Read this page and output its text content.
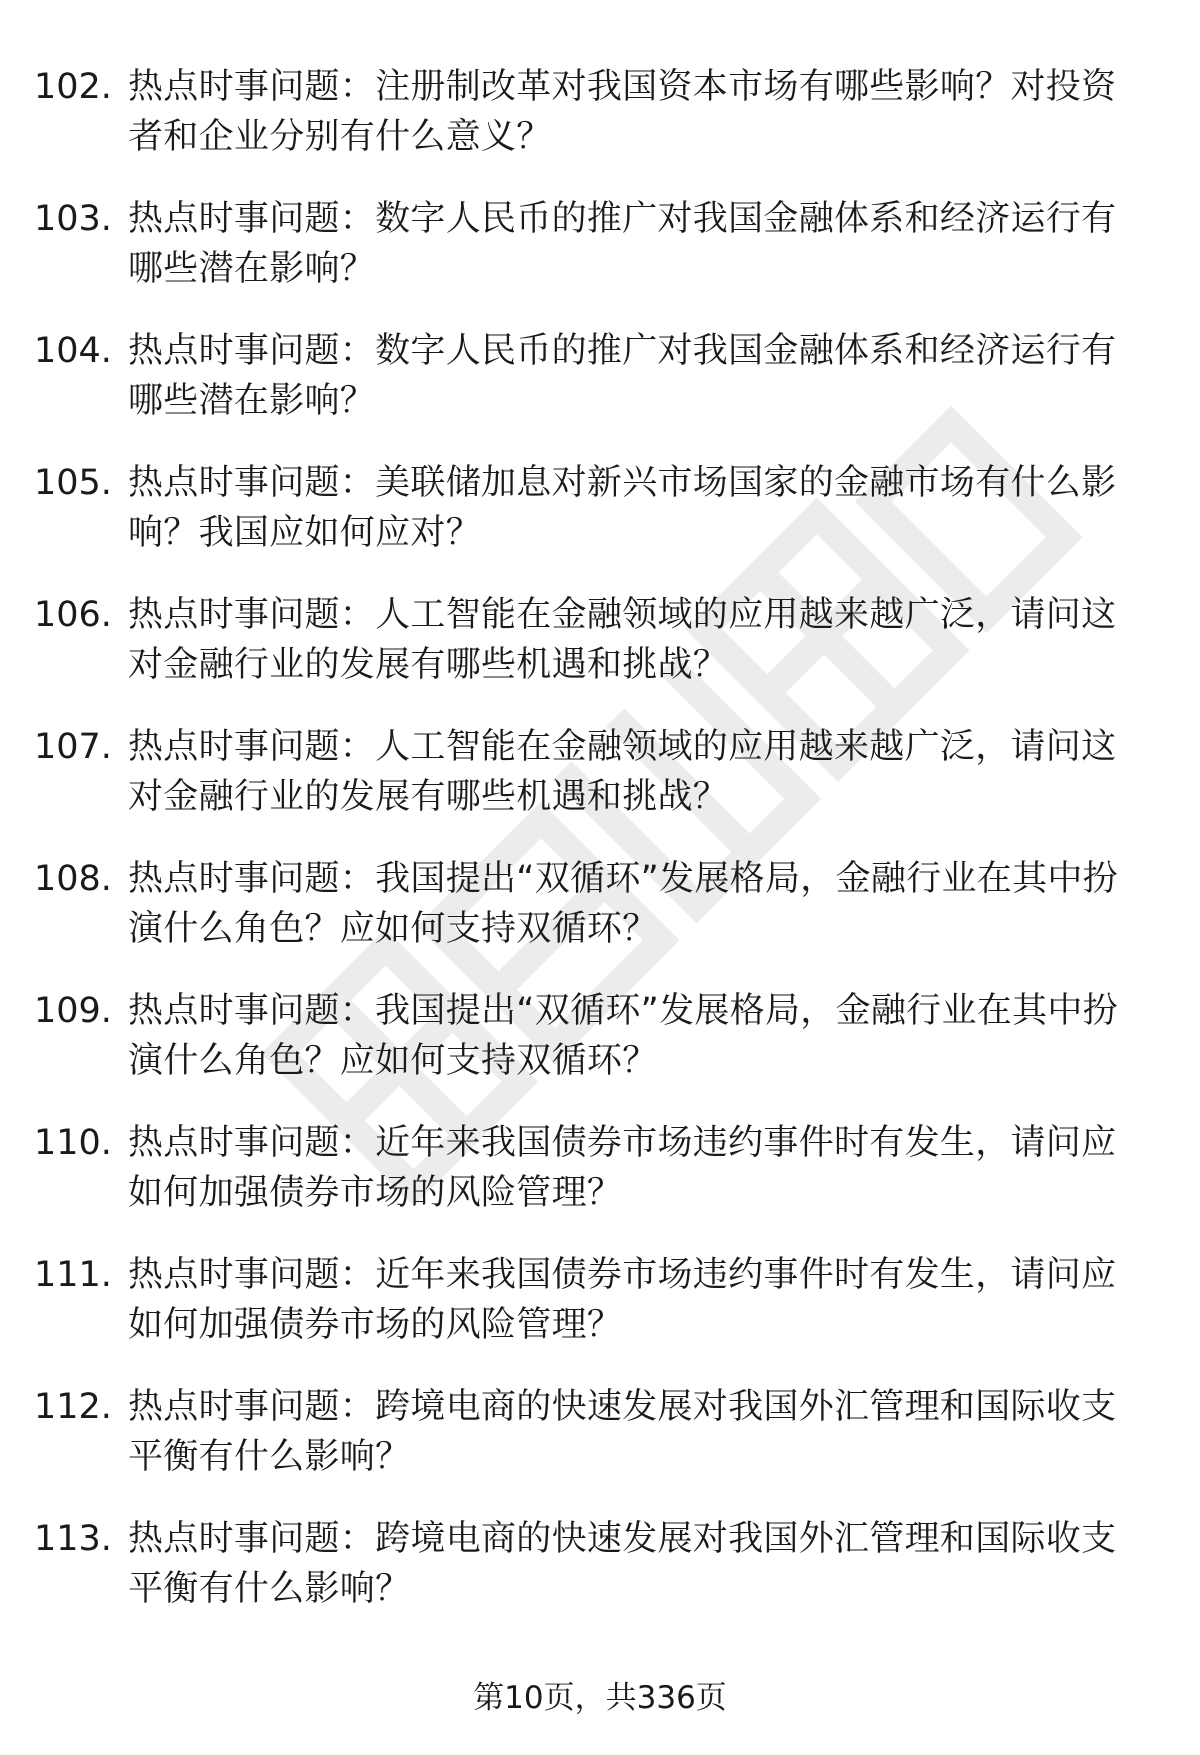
102. 热点时事问题：注册制改革对我国资本市场有哪些影响？对投资者和企业分别有什么意义？
103. 热点时事问题：数字人民币的推广对我国金融体系和经济运行有哪些潜在影响？
104. 热点时事问题：数字人民币的推广对我国金融体系和经济运行有哪些潜在影响？
105. 热点时事问题：美联储加息对新兴市场国家的金融市场有什么影响？我国应如何应对？
106. 热点时事问题：人工智能在金融领域的应用越来越广泛，请问这对金融行业的发展有哪些机遇和挑战？
107. 热点时事问题：人工智能在金融领域的应用越来越广泛，请问这对金融行业的发展有哪些机遇和挑战？
108. 热点时事问题：我国提出“双循环”发展格局，金融行业在其中扮演什么角色？应如何支持双循环？
109. 热点时事问题：我国提出“双循环”发展格局，金融行业在其中扮演什么角色？应如何支持双循环？
110. 热点时事问题：近年来我国债券市场违约事件时有发生，请问应如何加强债券市场的风险管理？
111. 热点时事问题：近年来我国债券市场违约事件时有发生，请问应如何加强债券市场的风险管理？
112. 热点时事问题：跨境电商的快速发展对我国外汇管理和国际收支平衡有什么影响？
113. 热点时事问题：跨境电商的快速发展对我国外汇管理和国际收支平衡有什么影响？
第10页，共336页
